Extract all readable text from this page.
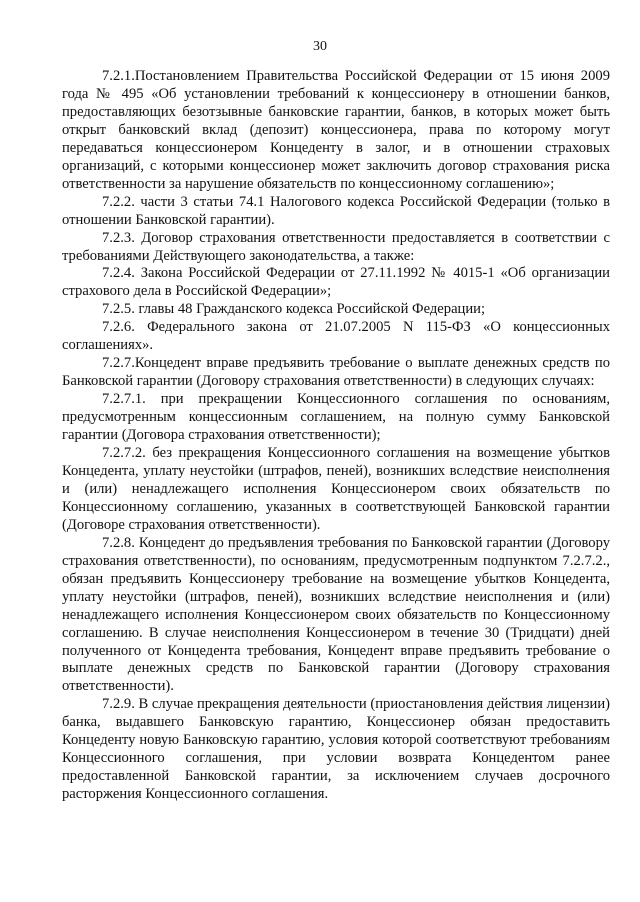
30

7.2.1.Постановлением Правительства Российской Федерации от 15 июня 2009 года № 495 «Об установлении требований к концессионеру в отношении банков, предоставляющих безотзывные банковские гарантии, банков, в которых может быть открыт банковский вклад (депозит) концессионера, права по которому могут передаваться концессионером Концеденту в залог, и в отношении страховых организаций, с которыми концессионер может заключить договор страхования риска ответственности за нарушение обязательств по концессионному соглашению»;

7.2.2. части 3 статьи 74.1 Налогового кодекса Российской Федерации (только в отношении Банковской гарантии).

7.2.3. Договор страхования ответственности предоставляется в соответствии с требованиями Действующего законодательства, а также:

7.2.4. Закона Российской Федерации от 27.11.1992 № 4015-1 «Об организации страхового дела в Российской Федерации»;

7.2.5. главы 48 Гражданского кодекса Российской Федерации;

7.2.6. Федерального закона от 21.07.2005 N 115-ФЗ «О концессионных соглашениях».

7.2.7.Концедент вправе предъявить требование о выплате денежных средств по Банковской гарантии (Договору страхования ответственности) в следующих случаях:

7.2.7.1. при прекращении Концессионного соглашения по основаниям, предусмотренным концессионным соглашением, на полную сумму Банковской гарантии (Договора страхования ответственности);

7.2.7.2. без прекращения Концессионного соглашения на возмещение убытков Концедента, уплату неустойки (штрафов, пеней), возникших вследствие неисполнения и (или) ненадлежащего исполнения Концессионером своих обязательств по Концессионному соглашению, указанных в соответствующей Банковской гарантии (Договоре страхования ответственности).

7.2.8. Концедент до предъявления требования по Банковской гарантии (Договору страхования ответственности), по основаниям, предусмотренным подпунктом 7.2.7.2., обязан предъявить Концессионеру требование на возмещение убытков Концедента, уплату неустойки (штрафов, пеней), возникших вследствие неисполнения и (или) ненадлежащего исполнения Концессионером своих обязательств по Концессионному соглашению. В случае неисполнения Концессионером в течение 30 (Тридцати) дней полученного от Концедента требования, Концедент вправе предъявить требование о выплате денежных средств по Банковской гарантии (Договору страхования ответственности).

7.2.9. В случае прекращения деятельности (приостановления действия лицензии) банка, выдавшего Банковскую гарантию, Концессионер обязан предоставить Концеденту новую Банковскую гарантию, условия которой соответствуют требованиям Концессионного соглашения, при условии возврата Концедентом ранее предоставленной Банковской гарантии, за исключением случаев досрочного расторжения Концессионного соглашения.
